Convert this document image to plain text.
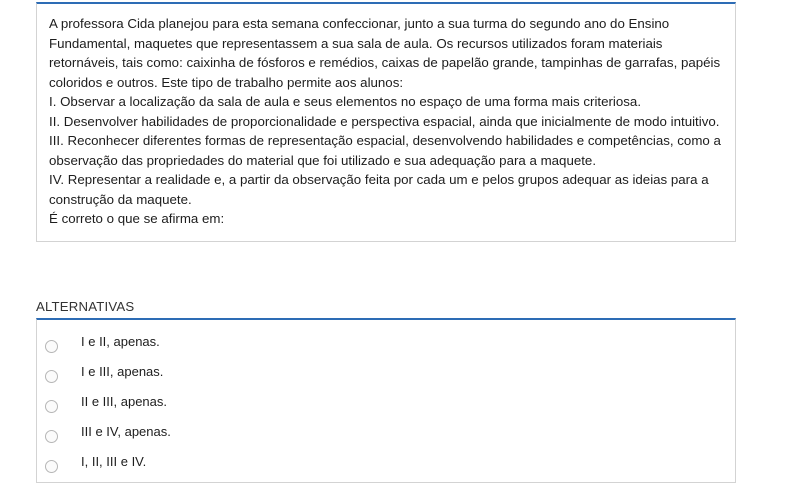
A professora Cida planejou para esta semana confeccionar, junto a sua turma do segundo ano do Ensino Fundamental, maquetes que representassem a sua sala de aula. Os recursos utilizados foram materiais retornáveis, tais como: caixinha de fósforos e remédios, caixas de papelão grande, tampinhas de garrafas, papéis coloridos e outros. Este tipo de trabalho permite aos alunos:

I. Observar a localização da sala de aula e seus elementos no espaço de uma forma mais criteriosa.
II. Desenvolver habilidades de proporcionalidade e perspectiva espacial, ainda que inicialmente de modo intuitivo.
III. Reconhecer diferentes formas de representação espacial, desenvolvendo habilidades e competências, como a observação das propriedades do material que foi utilizado e sua adequação para a maquete.
IV. Representar a realidade e, a partir da observação feita por cada um e pelos grupos adequar as ideias para a construção da maquete.

É correto o que se afirma em:

ALTERNATIVAS
I e II, apenas.
I e III, apenas.
II e III, apenas.
III e IV, apenas.
I, II, III e IV.
